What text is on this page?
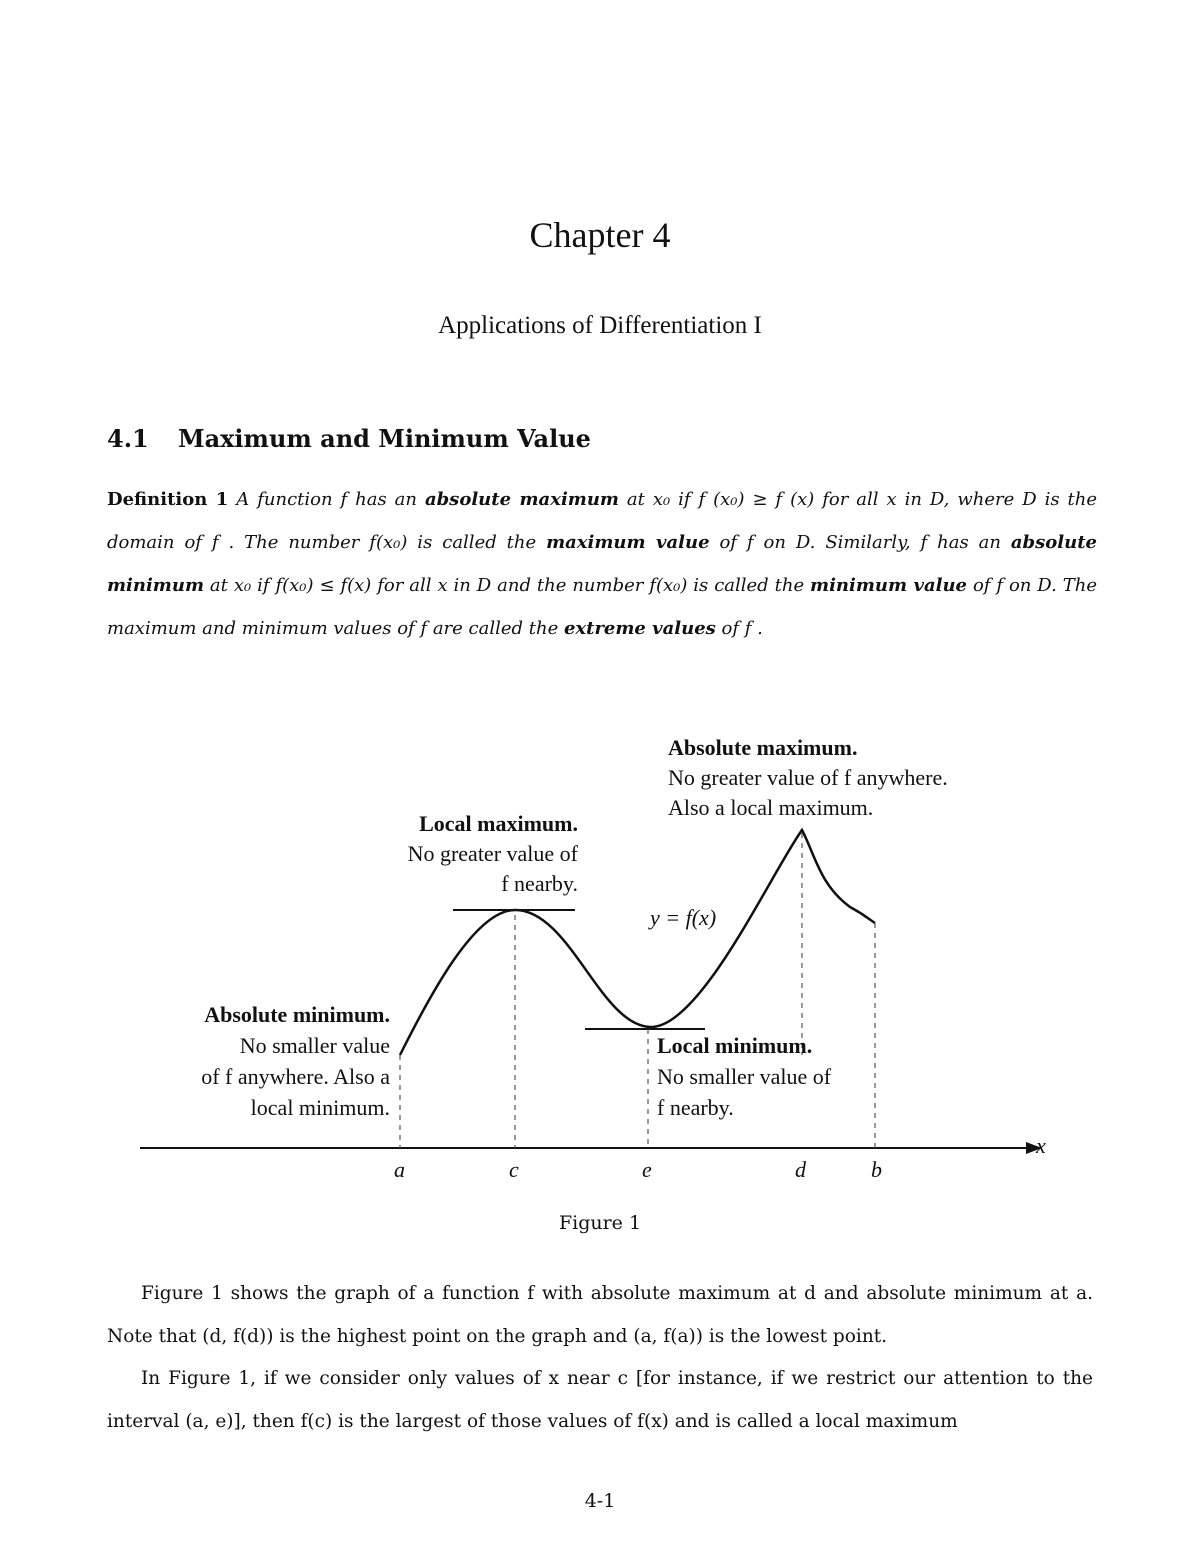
Chapter 4
Applications of Differentiation I
4.1 Maximum and Minimum Value
Definition 1 A function f has an absolute maximum at x₀ if f (x₀) ≥ f (x) for all x in D, where D is the domain of f . The number f(x₀) is called the maximum value of f on D. Similarly, f has an absolute minimum at x₀ if f(x₀) ≤ f(x) for all x in D and the number f(x₀) is called the minimum value of f on D. The maximum and minimum values of f are called the extreme values of f .
Absolute maximum.
No greater value of f anywhere.
Also a local maximum.
Local maximum.
No greater value of
f nearby.
Absolute minimum.
No smaller value
of f anywhere. Also a
local minimum.
Local minimum.
No smaller value of
f nearby.
y = f(x)
x
a	c	e	d	b
Figure 1
Figure 1 shows the graph of a function f with absolute maximum at d and absolute minimum at a. Note that (d, f(d)) is the highest point on the graph and (a, f(a)) is the lowest point.
In Figure 1, if we consider only values of x near c [for instance, if we restrict our attention to the interval (a, e)], then f(c) is the largest of those values of f(x) and is called a local maximum
4-1
